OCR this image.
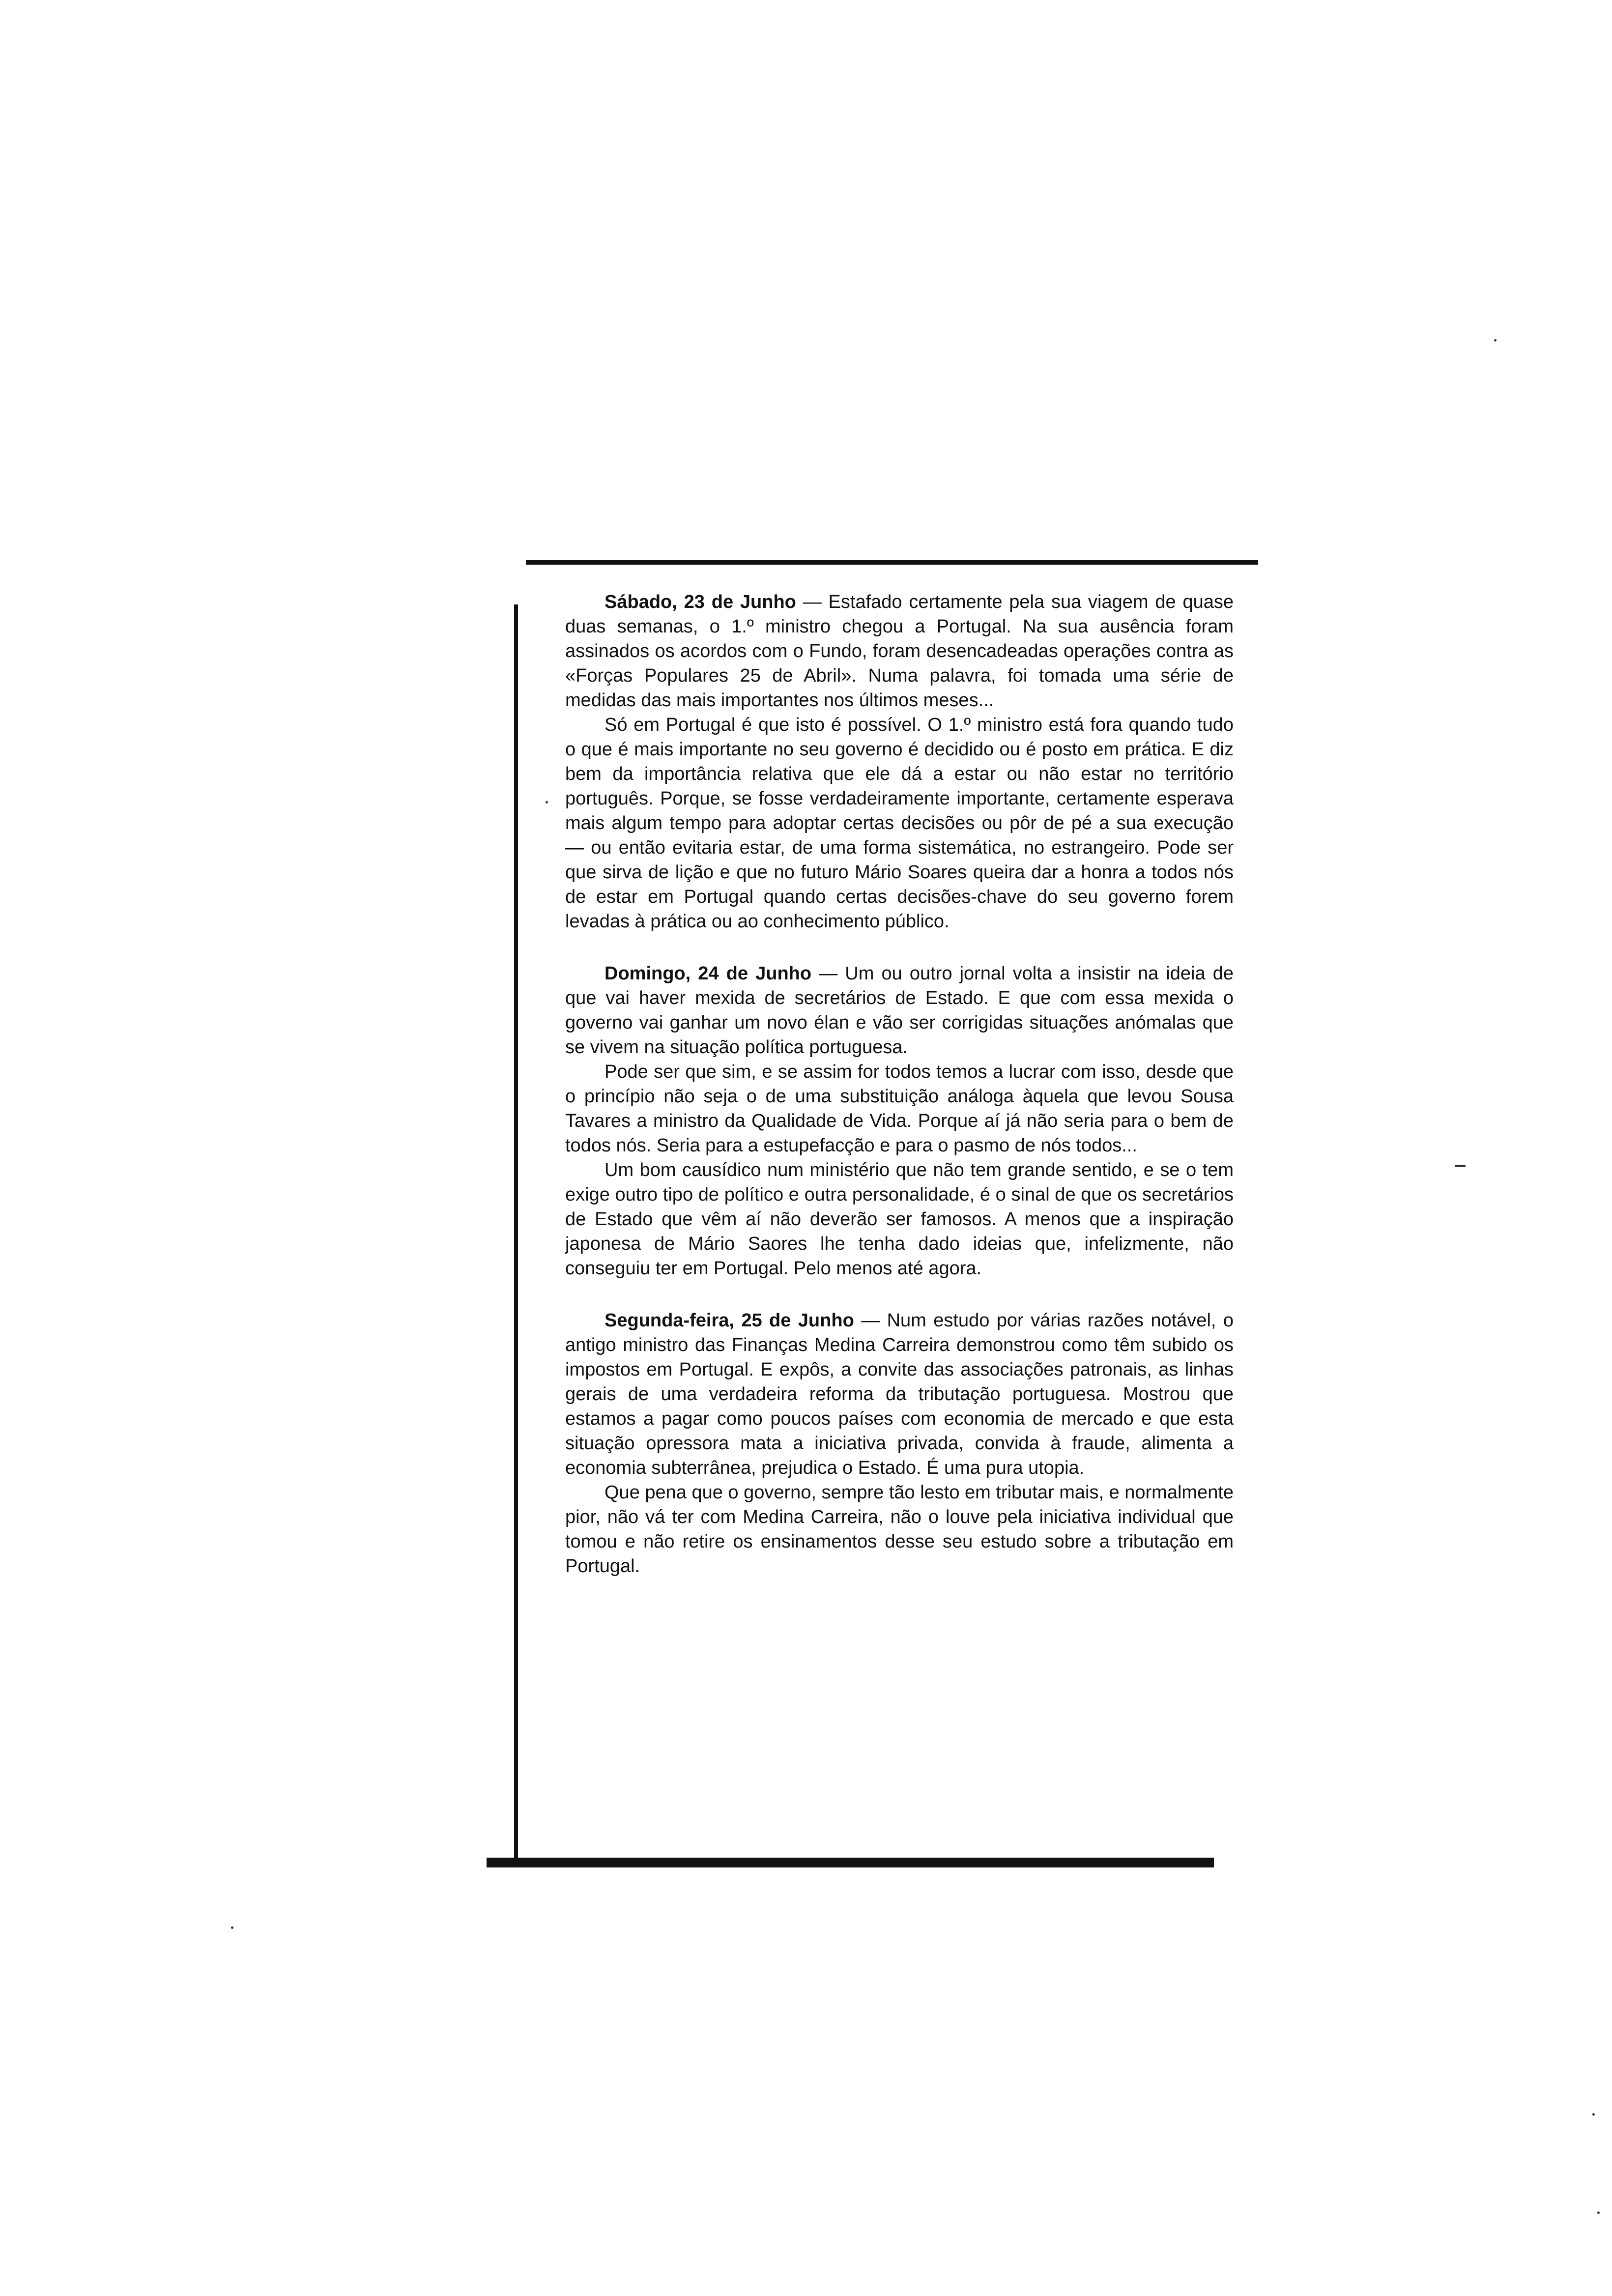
Sábado, 23 de Junho — Estafado certamente pela sua viagem de quase duas semanas, o 1.º ministro chegou a Portugal. Na sua ausência foram assinados os acordos com o Fundo, foram desencadeadas operações contra as «Forças Populares 25 de Abril». Numa palavra, foi tomada uma série de medidas das mais importantes nos últimos meses...

Só em Portugal é que isto é possível. O 1.º ministro está fora quando tudo o que é mais importante no seu governo é decidido ou é posto em prática. E diz bem da importância relativa que ele dá a estar ou não estar no território português. Porque, se fosse verdadeiramente importante, certamente esperava mais algum tempo para adoptar certas decisões ou pôr de pé a sua execução — ou então evitaria estar, de uma forma sistemática, no estrangeiro. Pode ser que sirva de lição e que no futuro Mário Soares queira dar a honra a todos nós de estar em Portugal quando certas decisões-chave do seu governo forem levadas à prática ou ao conhecimento público.

Domingo, 24 de Junho — Um ou outro jornal volta a insistir na ideia de que vai haver mexida de secretários de Estado. E que com essa mexida o governo vai ganhar um novo élan e vão ser corrigidas situações anómalas que se vivem na situação política portuguesa.

Pode ser que sim, e se assim for todos temos a lucrar com isso, desde que o princípio não seja o de uma substituição análoga àquela que levou Sousa Tavares a ministro da Qualidade de Vida. Porque aí já não seria para o bem de todos nós. Seria para a estupefacção e para o pasmo de nós todos...

Um bom causídico num ministério que não tem grande sentido, e se o tem exige outro tipo de político e outra personalidade, é o sinal de que os secretários de Estado que vêm aí não deverão ser famosos. A menos que a inspiração japonesa de Mário Saores lhe tenha dado ideias que, infelizmente, não conseguiu ter em Portugal. Pelo menos até agora.

Segunda-feira, 25 de Junho — Num estudo por várias razões notável, o antigo ministro das Finanças Medina Carreira demonstrou como têm subido os impostos em Portugal. E expôs, a convite das associações patronais, as linhas gerais de uma verdadeira reforma da tributação portuguesa. Mostrou que estamos a pagar como poucos países com economia de mercado e que esta situação opressora mata a iniciativa privada, convida à fraude, alimenta a economia subterrânea, prejudica o Estado. É uma pura utopia.

Que pena que o governo, sempre tão lesto em tributar mais, e normalmente pior, não vá ter com Medina Carreira, não o louve pela iniciativa individual que tomou e não retire os ensinamentos desse seu estudo sobre a tributação em Portugal.
